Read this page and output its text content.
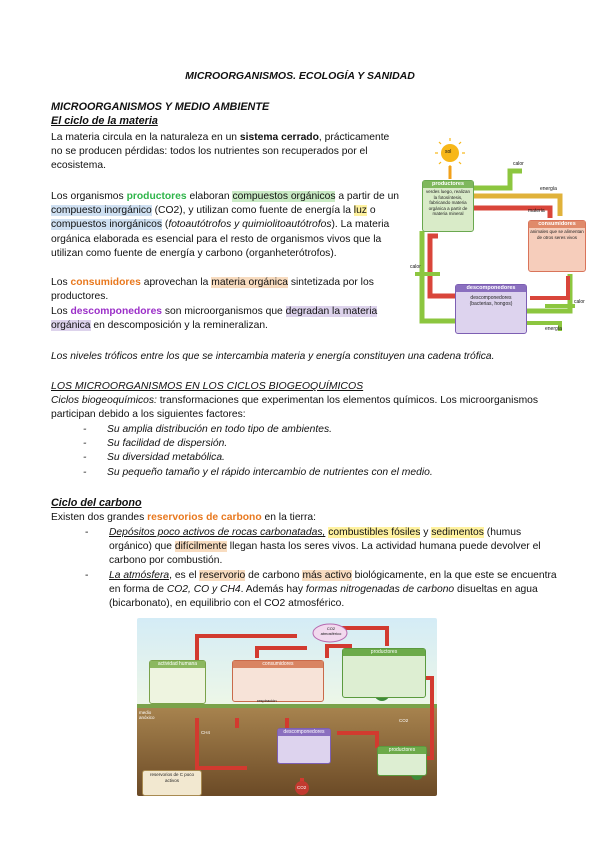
MICROORGANISMOS. ECOLOGÍA Y SANIDAD
MICROORGANISMOS Y MEDIO AMBIENTE
El ciclo de la materia
La materia circula en la naturaleza en un sistema cerrado, prácticamente no se producen pérdidas: todos los nutrientes son recuperados por el ecosistema.
Los organismos productores elaboran compuestos orgánicos a partir de un compuesto inorgánico (CO2), y utilizan como fuente de energía la luz o compuestos inorgánicos (fotoautótrofos y quimiolitoautótrofos). La materia orgánica elaborada es esencial para el resto de organismos vivos que la utilizan como fuente de energía y carbono (organheterótrofos).
Los consumidores aprovechan la materia orgánica sintetizada por los productores.
Los descomponedores son microorganismos que degradan la materia orgánica en descomposición y la remineralizan.
Los niveles tróficos entre los que se intercambia materia y energía constituyen una cadena trófica.
sol
productores
verdes luego, realizan la fotosíntesis, fabricando materia orgánica a partir de materia mineral
consumidores
animales que se alimentan de otros seres vivos
descomponedores
descomponedores (bacterias, hongos)
calor
energía
materia
calor
calor
energía
LOS MICROORGANISMOS EN LOS CICLOS BIOGEOQUÍMICOS
Ciclos biogeoquímicos: transformaciones que experimentan los elementos químicos. Los microorganismos participan debido a los siguientes factores:
- Su amplia distribución en todo tipo de ambientes.
- Su facilidad de dispersión.
- Su diversidad metabólica.
- Su pequeño tamaño y el rápido intercambio de nutrientes con el medio.
Ciclo del carbono
Existen dos grandes reservorios de carbono en la tierra:
- Depósitos poco activos de rocas carbonatadas, combustibles fósiles y sedimentos (humus orgánico) que difícilmente llegan hasta los seres vivos. La actividad humana puede devolver el carbono por combustión.
- La atmósfera, es el reservorio de carbono más activo biológicamente, en la que este se encuentra en forma de CO2, CO y CH4. Además hay formas nitrogenadas de carbono disueltas en agua (bicarbonato), en equilibrio con el CO2 atmosférico.
CO2 atmosférico
actividad humana	consumidores
productores
respiración
descomponedores
productores
reservorios de C poco activos
medio anóxico
CH4
CO2
CO2
